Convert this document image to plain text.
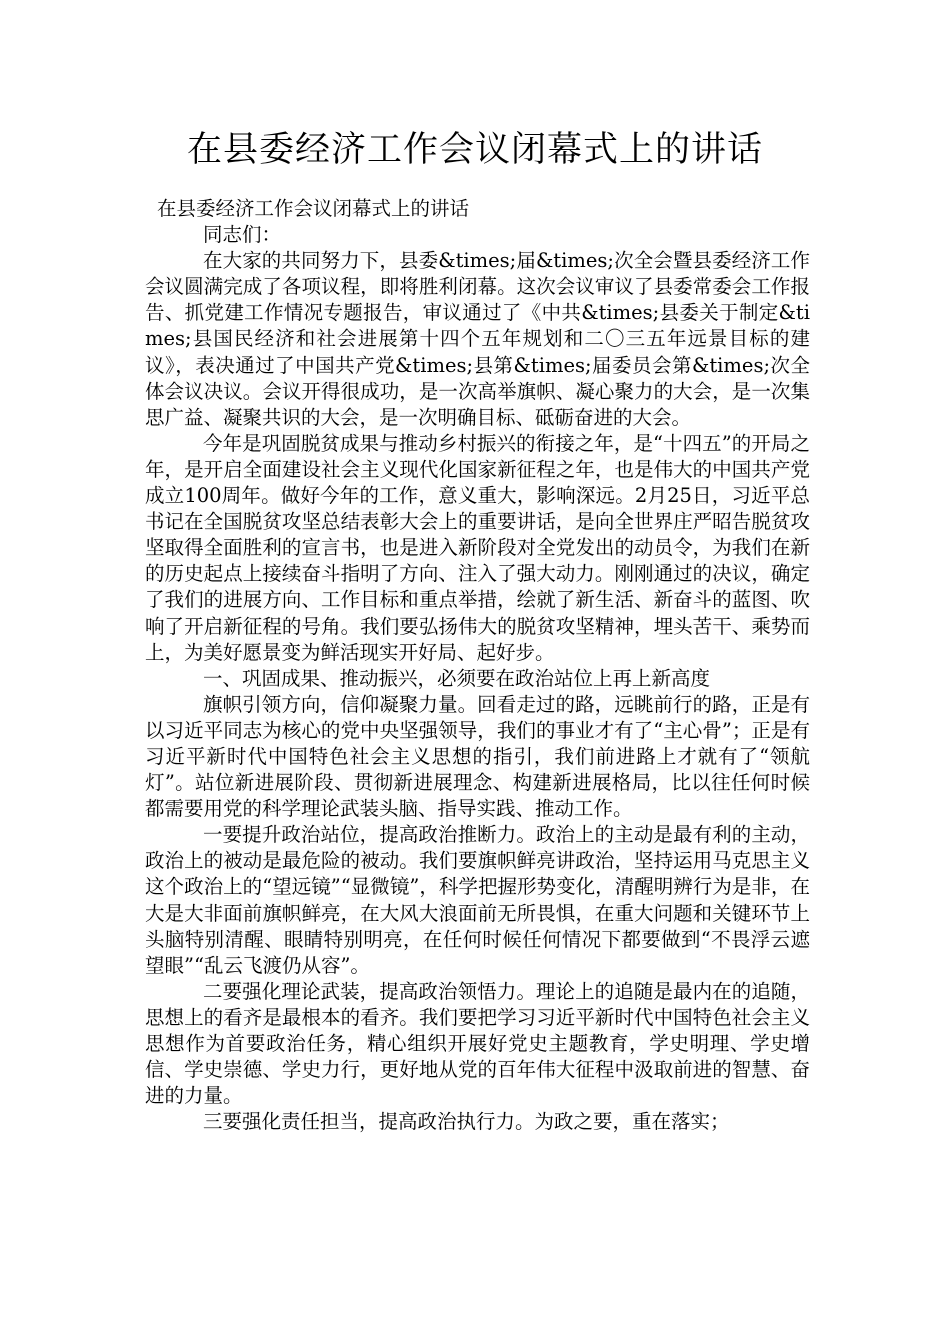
在县委经济工作会议闭幕式上的讲话

在县委经济工作会议闭幕式上的讲话

同志们：

在大家的共同努力下，县委&times;届&times;次全会暨县委经济工作会议圆满完成了各项议程，即将胜利闭幕。这次会议审议了县委常委会工作报告、抓党建工作情况专题报告，审议通过了《中共&times;县委关于制定&times;县国民经济和社会进展第十四个五年规划和二〇三五年远景目标的建议》，表决通过了中国共产党&times;县第&times;届委员会第&times;次全体会议决议。会议开得很成功，是一次高举旗帜、凝心聚力的大会，是一次集思广益、凝聚共识的大会，是一次明确目标、砥砺奋进的大会。

今年是巩固脱贫成果与推动乡村振兴的衔接之年，是“十四五”的开局之年，是开启全面建设社会主义现代化国家新征程之年，也是伟大的中国共产党成立100周年。做好今年的工作，意义重大，影响深远。2月25日，习近平总书记在全国脱贫攻坚总结表彰大会上的重要讲话，是向全世界庄严昭告脱贫攻坚取得全面胜利的宣言书，也是进入新阶段对全党发出的动员令，为我们在新的历史起点上接续奋斗指明了方向、注入了强大动力。刚刚通过的决议，确定了我们的进展方向、工作目标和重点举措，绘就了新生活、新奋斗的蓝图、吹响了开启新征程的号角。我们要弘扬伟大的脱贫攻坚精神，埋头苦干、乘势而上，为美好愿景变为鲜活现实开好局、起好步。

一、巩固成果、推动振兴，必须要在政治站位上再上新高度

旗帜引领方向，信仰凝聚力量。回看走过的路，远眺前行的路，正是有以习近平同志为核心的党中央坚强领导，我们的事业才有了“主心骨”；正是有习近平新时代中国特色社会主义思想的指引，我们前进路上才就有了“领航灯”。站位新进展阶段、贯彻新进展理念、构建新进展格局，比以往任何时候都需要用党的科学理论武装头脑、指导实践、推动工作。

一要提升政治站位，提高政治推断力。政治上的主动是最有利的主动，政治上的被动是最危险的被动。我们要旗帜鲜亮讲政治，坚持运用马克思主义这个政治上的“望远镜”“显微镜”，科学把握形势变化，清醒明辨行为是非，在大是大非面前旗帜鲜亮，在大风大浪面前无所畏惧，在重大问题和关键环节上头脑特别清醒、眼睛特别明亮，在任何时候任何情况下都要做到“不畏浮云遮望眼”“乱云飞渡仍从容”。

二要强化理论武装，提高政治领悟力。理论上的追随是最内在的追随，思想上的看齐是最根本的看齐。我们要把学习习近平新时代中国特色社会主义思想作为首要政治任务，精心组织开展好党史主题教育，学史明理、学史增信、学史崇德、学史力行，更好地从党的百年伟大征程中汲取前进的智慧、奋进的力量。

三要强化责任担当，提高政治执行力。为政之要，重在落实；
